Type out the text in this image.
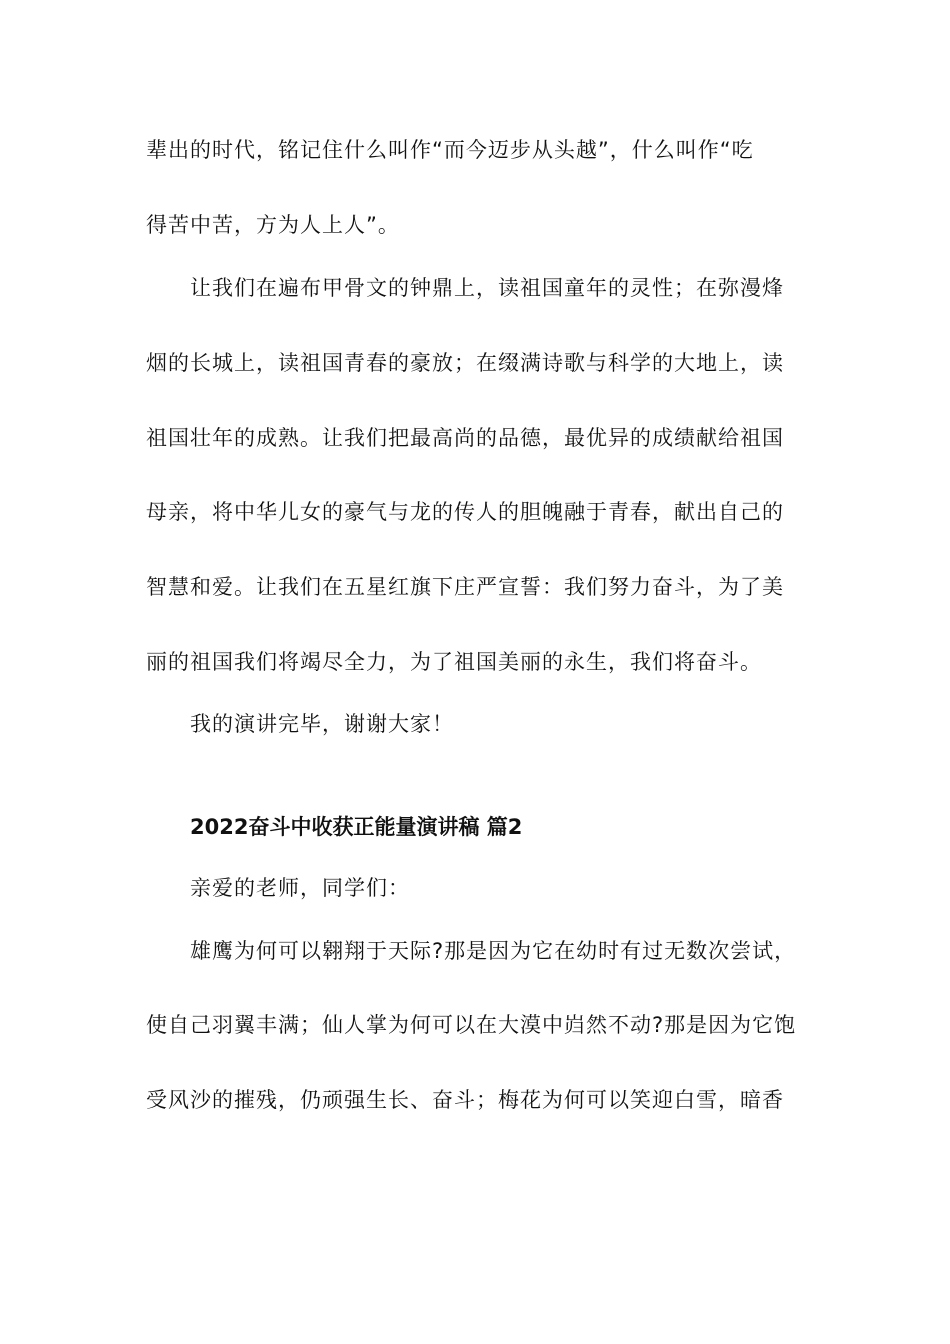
辈出的时代，铭记住什么叫作“而今迈步从头越”，什么叫作“吃
得苦中苦，方为人上人”。
让我们在遍布甲骨文的钟鼎上，读祖国童年的灵性；在弥漫烽
烟的长城上，读祖国青春的豪放；在缀满诗歌与科学的大地上，读
祖国壮年的成熟。让我们把最高尚的品德，最优异的成绩献给祖国
母亲，将中华儿女的豪气与龙的传人的胆魄融于青春，献出自己的
智慧和爱。让我们在五星红旗下庄严宣誓：我们努力奋斗，为了美
丽的祖国我们将竭尽全力，为了祖国美丽的永生，我们将奋斗。
我的演讲完毕，谢谢大家！
2022奋斗中收获正能量演讲稿 篇2
亲爱的老师，同学们：
雄鹰为何可以翱翔于天际?那是因为它在幼时有过无数次尝试，
使自己羽翼丰满；仙人掌为何可以在大漠中岿然不动?那是因为它饱
受风沙的摧残，仍顽强生长、奋斗；梅花为何可以笑迎白雪，暗香
